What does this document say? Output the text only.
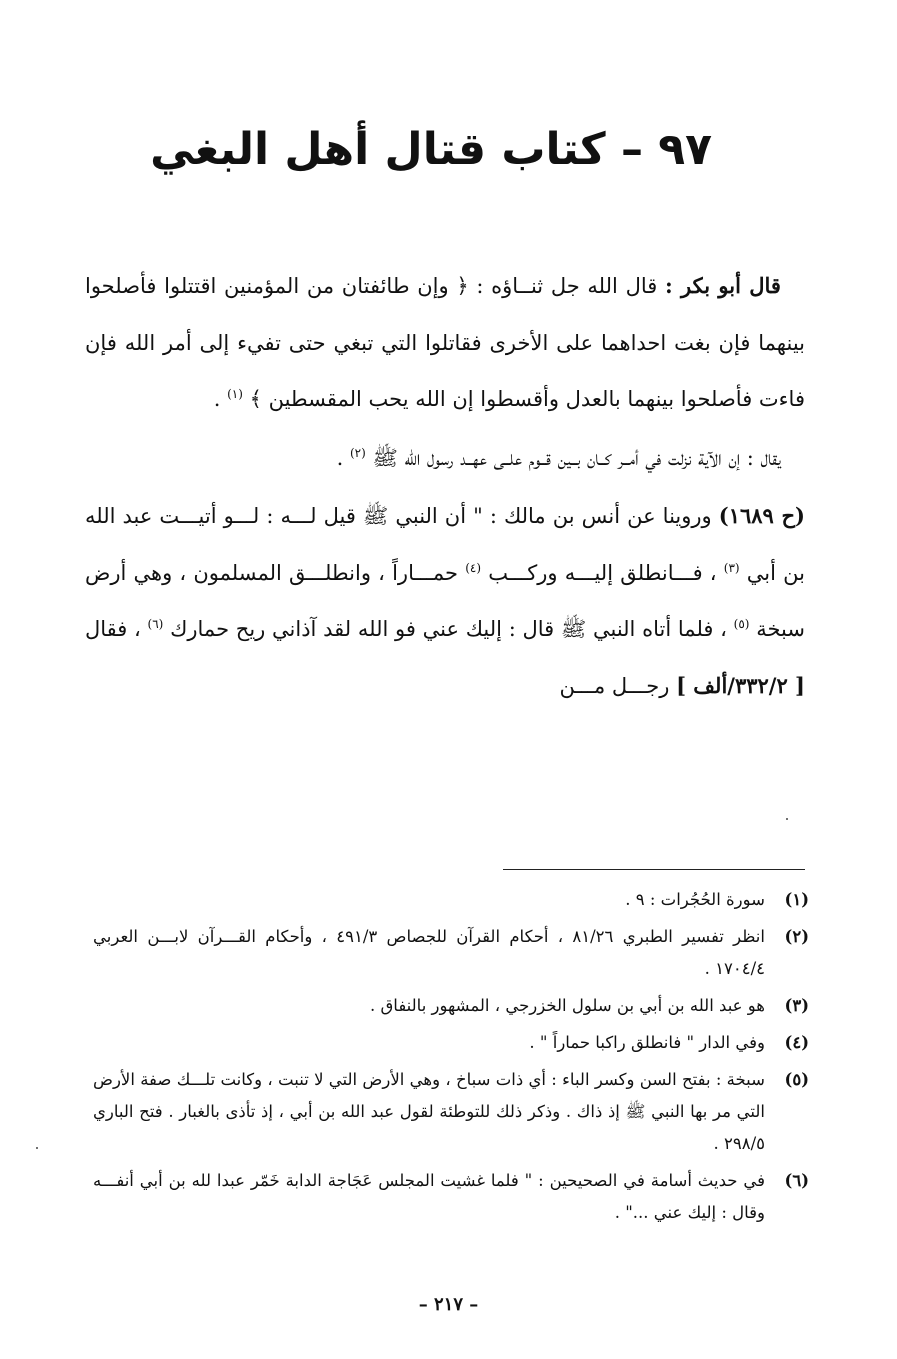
٩٧ – كتاب قتال أهل البغي

قال أبو بكر : قال الله جل ثنــاؤه : ﴿ وإن طائفتان من المؤمنين اقتتلوا فأصلحوا بينهما فإن بغت احداهما على الأخرى فقاتلوا التي تبغي حتى تفيء إلى أمر الله فإن فاءت فأصلحوا بينهما بالعدل وأقسطوا إن الله يحب المقسطين ﴾ $^{(١)}$ .

يقال : إن الآية نزلت في أمــر كــان بــين قــوم علــى عهــد رسول الله ﷺ $^{(٢)}$ .

(ح ١٦٨٩) وروينا عن أنس بن مالك : " أن النبي ﷺ قيل لـــه : لـــو أتيـــت عبد الله بن أبي $^{(٣)}$ ، فـــانطلق إليـــه وركـــب $^{(٤)}$ حمـــاراً ، وانطلـــق المسلمون ، وهي أرض سبخة $^{(٥)}$ ، فلما أتاه النبي ﷺ قال : إليك عني فو الله لقد آذاني ريح حمارك $^{(٦)}$ ، فقال [ ٣٣٢/٢/ألف ] رجـــل مـــن

(١)
سورة الحُجُرات : ٩ .
(٢)
انظر تفسير الطبري ٨١/٢٦ ، أحكام القرآن للجصاص ٤٩١/٣ ، وأحكام القـــرآن لابـــن العربي ١٧٠٤/٤ .
(٣)
هو عبد الله بن أبي بن سلول الخزرجي ، المشهور بالنفاق .
(٤)
وفي الدار " فانطلق راكبا حماراً " .
(٥)
سبخة : بفتح السن وكسر الباء : أي ذات سباخ ، وهي الأرض التي لا تنبت ، وكانت تلـــك صفة الأرض التي مر بها النبي ﷺ إذ ذاك . وذكر ذلك للتوطئة لقول عبد الله بن أبي ، إذ تأذى بالغبار . فتح الباري ٢٩٨/٥ .
(٦)
في حديث أسامة في الصحيحين : " فلما غشيت المجلس عَجَاجة الدابة خَمّر عبدا لله بن أبي أنفـــه وقال : إليك عني ..." .
– ٢١٧ –
